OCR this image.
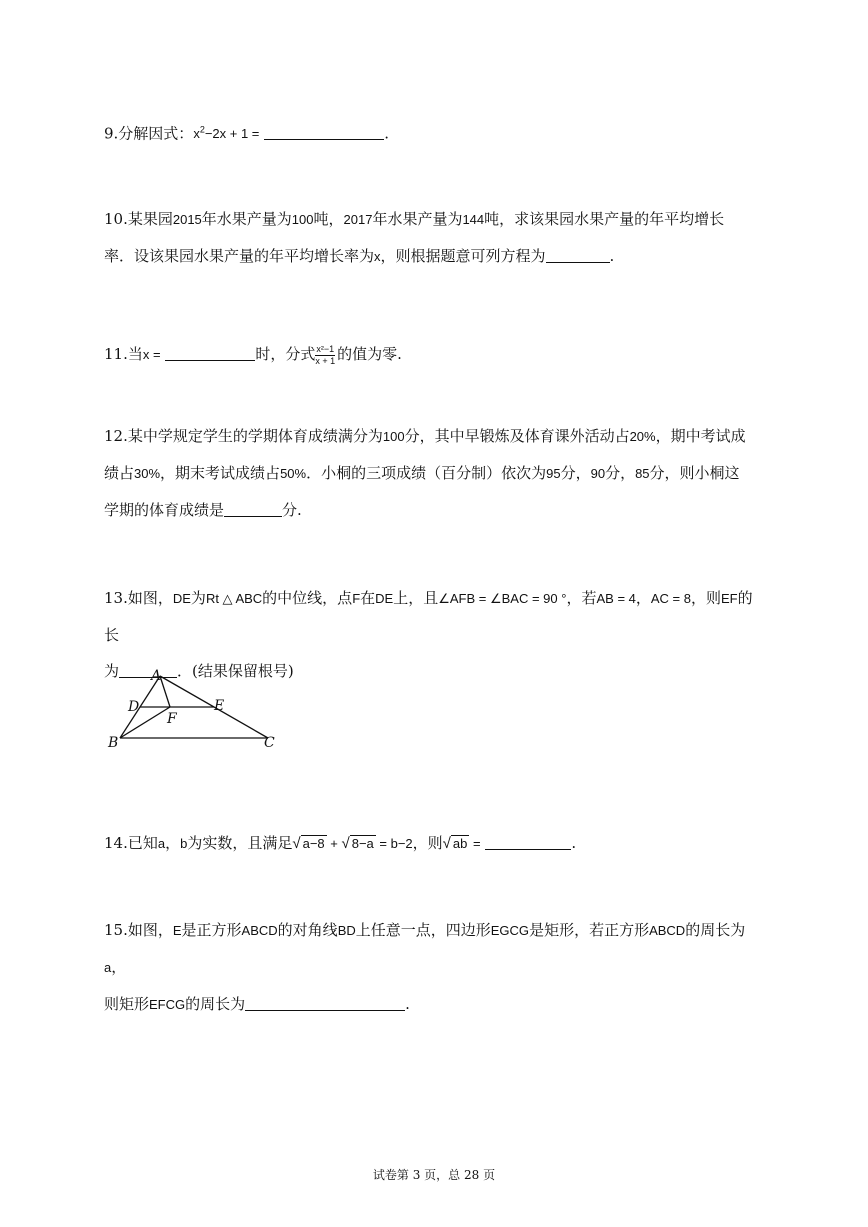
9.分解因式：$x^2-2x + 1$ =	.
10.某果园2015年水果产量为100吨，2017年水果产量为144吨，求该果园水果产量的年平均增长
率．设该果园水果产量的年平均增长率为x，则根据题意可列方程为	.
11.当x =	时，分式 $\frac{\text{x²−1}}{x + 1}$ 的值为零.
12.某中学规定学生的学期体育成绩满分为100分，其中早锻炼及体育课外活动占20%，期中考试成
绩占30%，期末考试成绩占50%．小桐的三项成绩（百分制）依次为95分，90分，85分，则小桐这
学期的体育成绩是	分.
13.如图，DE为Rt △ ABC的中位线，点F在DE上，且∠AFB = ∠BAC = 90 °，若AB = 4，AC = 8，则EF的长
为	．(结果保留根号)
A
D
F
E
B	C
14.已知a，b为实数，且满足√ a−8 + √ 8−a = b−2，则√ ab =	.
15.如图，E是正方形ABCD的对角线BD上任意一点，四边形EGCG是矩形，若正方形ABCD的周长为a，
则矩形EFCG的周长为	.
试卷第 3 页，总 28 页
